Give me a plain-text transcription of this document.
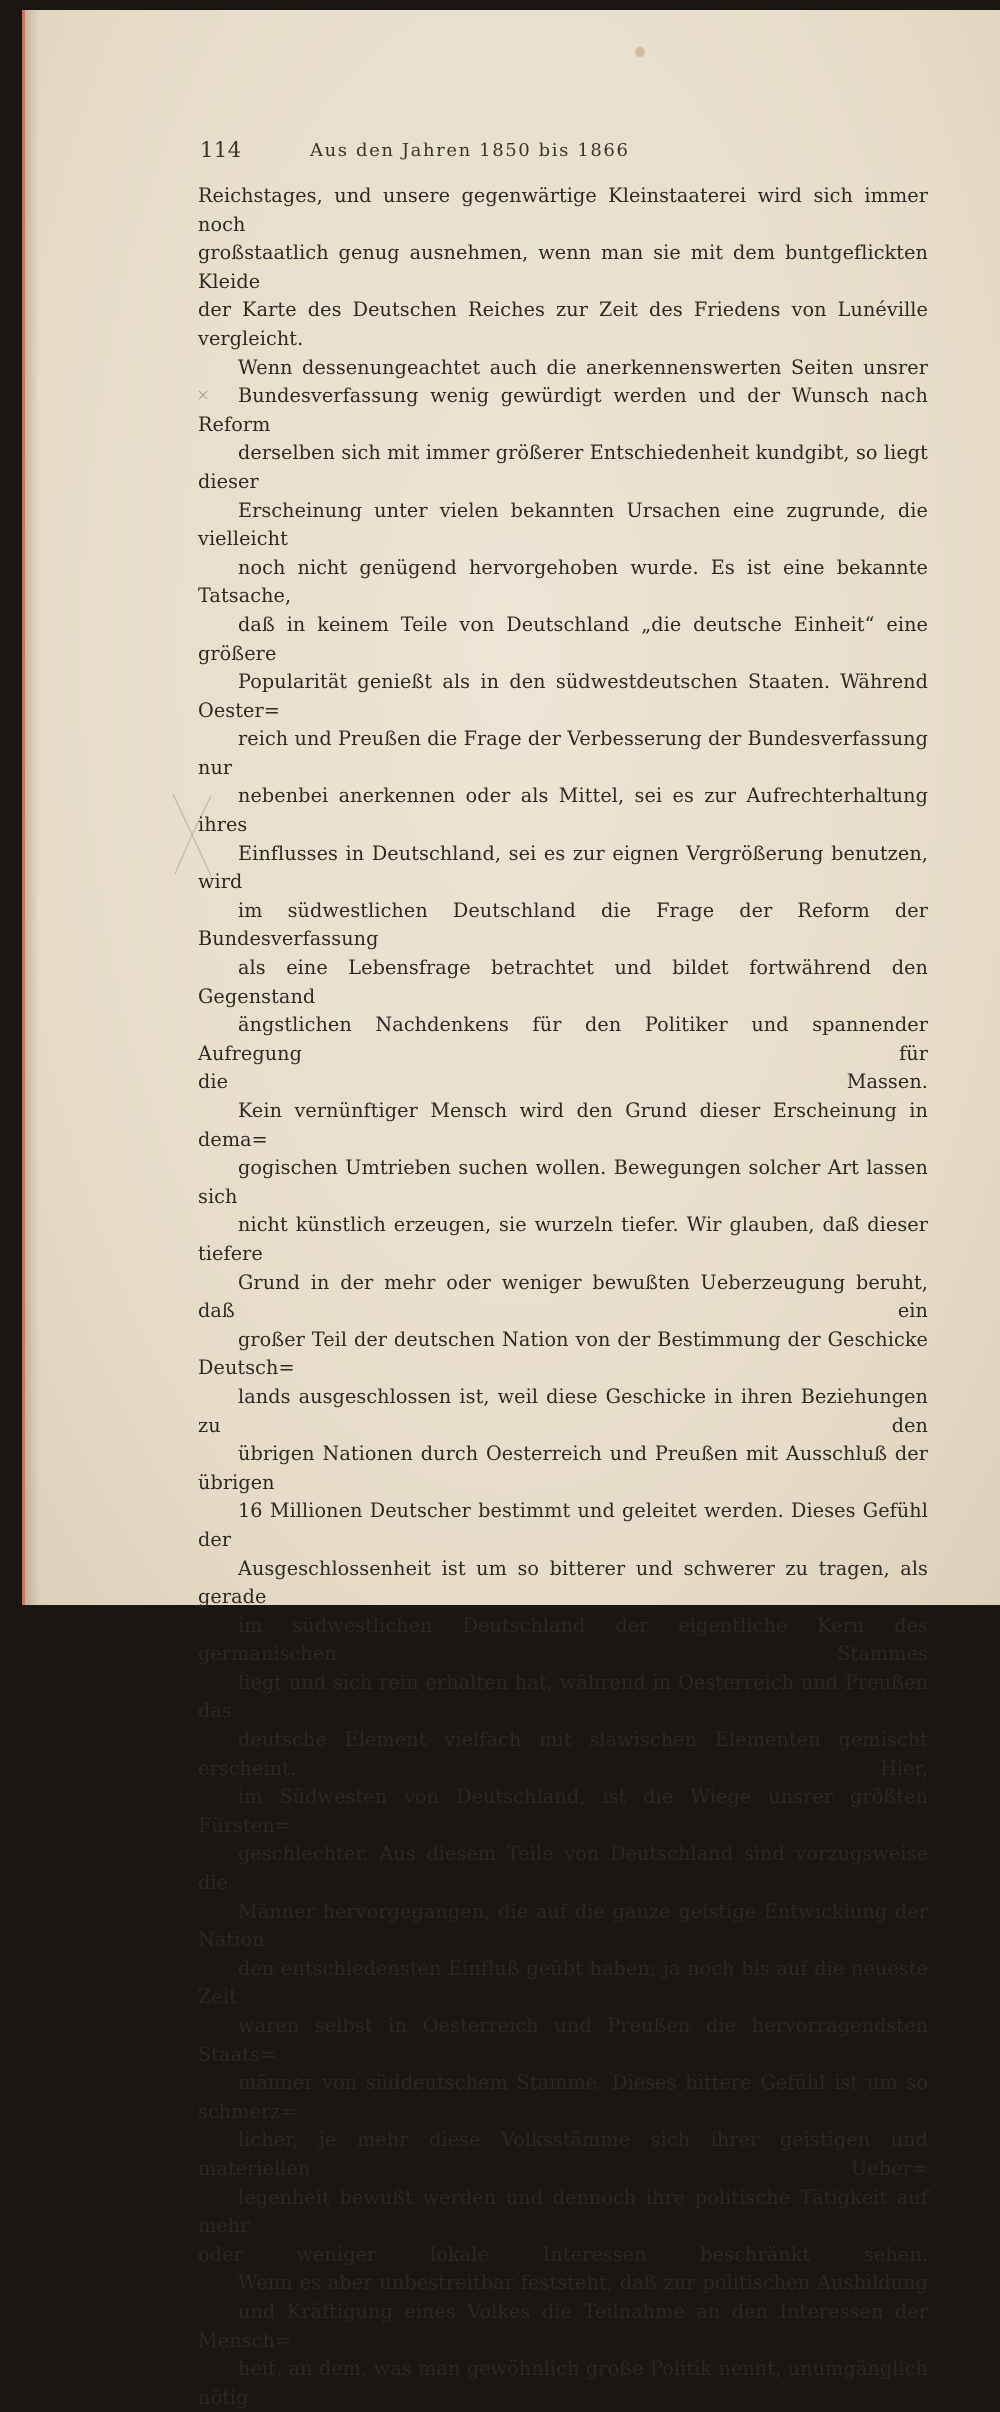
114	Aus den Jahren 1850 bis 1866
Reichstages, und unsere gegenwärtige Kleinstaaterei wird sich immer noch
großstaatlich genug ausnehmen, wenn man sie mit dem buntgeflickten Kleide
der Karte des Deutschen Reiches zur Zeit des Friedens von Lunéville vergleicht.
Wenn dessenungeachtet auch die anerkennenswerten Seiten unsrer
Bundesverfassung wenig gewürdigt werden und der Wunsch nach Reform
derselben sich mit immer größerer Entschiedenheit kundgibt, so liegt dieser
Erscheinung unter vielen bekannten Ursachen eine zugrunde, die vielleicht
noch nicht genügend hervorgehoben wurde. Es ist eine bekannte Tatsache,
daß in keinem Teile von Deutschland „die deutsche Einheit“ eine größere
Popularität genießt als in den südwestdeutschen Staaten. Während Oester=
reich und Preußen die Frage der Verbesserung der Bundesverfassung nur
nebenbei anerkennen oder als Mittel, sei es zur Aufrechterhaltung ihres
Einflusses in Deutschland, sei es zur eignen Vergrößerung benutzen, wird
im südwestlichen Deutschland die Frage der Reform der Bundesverfassung
als eine Lebensfrage betrachtet und bildet fortwährend den Gegenstand
ängstlichen Nachdenkens für den Politiker und spannender Aufregung für
die Massen.
Kein vernünftiger Mensch wird den Grund dieser Erscheinung in dema=
gogischen Umtrieben suchen wollen. Bewegungen solcher Art lassen sich
nicht künstlich erzeugen, sie wurzeln tiefer. Wir glauben, daß dieser tiefere
Grund in der mehr oder weniger bewußten Ueberzeugung beruht, daß ein
großer Teil der deutschen Nation von der Bestimmung der Geschicke Deutsch=
lands ausgeschlossen ist, weil diese Geschicke in ihren Beziehungen zu den
übrigen Nationen durch Oesterreich und Preußen mit Ausschluß der übrigen
16 Millionen Deutscher bestimmt und geleitet werden. Dieses Gefühl der
Ausgeschlossenheit ist um so bitterer und schwerer zu tragen, als gerade
im südwestlichen Deutschland der eigentliche Kern des germanischen Stammes
liegt und sich rein erhalten hat, während in Oesterreich und Preußen das
deutsche Element vielfach mit slawischen Elementen gemischt erscheint. Hier,
im Südwesten von Deutschland, ist die Wiege unsrer größten Fürsten=
geschlechter. Aus diesem Teile von Deutschland sind vorzugsweise die
Männer hervorgegangen, die auf die ganze geistige Entwicklung der Nation
den entschiedensten Einfluß geübt haben; ja noch bis auf die neueste Zeit
waren selbst in Oesterreich und Preußen die hervorragendsten Staats=
männer von süddeutschem Stamme. Dieses bittere Gefühl ist um so schmerz=
licher, je mehr diese Volksstämme sich ihrer geistigen und materiellen Ueber=
legenheit bewußt werden und dennoch ihre politische Tätigkeit auf mehr
oder weniger lokale Interessen beschränkt sehen.
Wenn es aber unbestreitbar feststeht, daß zur politischen Ausbildung
und Kräftigung eines Volkes die Teilnahme an den Interessen der Mensch=
heit, an dem, was man gewöhnlich große Politik nennt, unumgänglich nötig
